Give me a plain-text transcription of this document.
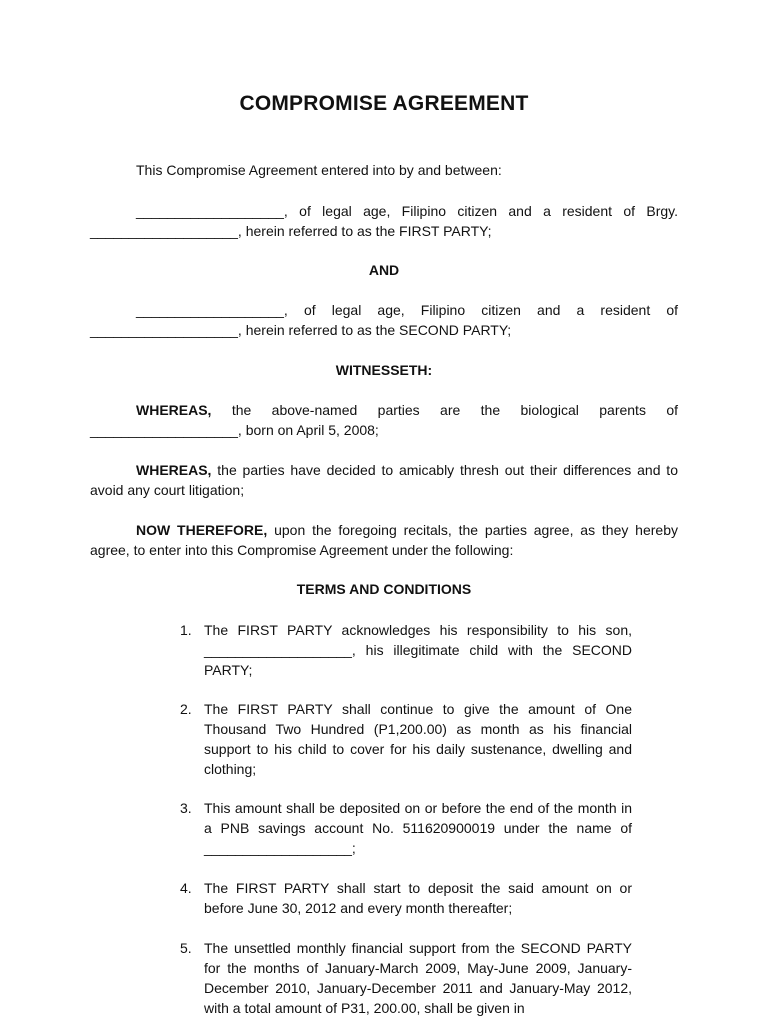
COMPROMISE AGREEMENT
This Compromise Agreement entered into by and between:
___________________, of legal age, Filipino citizen and a resident of Brgy. ___________________, herein referred to as the FIRST PARTY;
AND
___________________, of legal age, Filipino citizen and a resident of ___________________, herein referred to as the SECOND PARTY;
WITNESSETH:
WHEREAS, the above-named parties are the biological parents of ___________________, born on April 5, 2008;
WHEREAS, the parties have decided to amicably thresh out their differences and to avoid any court litigation;
NOW THEREFORE, upon the foregoing recitals, the parties agree, as they hereby agree, to enter into this Compromise Agreement under the following:
TERMS AND CONDITIONS
1. The FIRST PARTY acknowledges his responsibility to his son, ___________________, his illegitimate child with the SECOND PARTY;
2. The FIRST PARTY shall continue to give the amount of One Thousand Two Hundred (P1,200.00) as month as his financial support to his child to cover for his daily sustenance, dwelling and clothing;
3. This amount shall be deposited on or before the end of the month in a PNB savings account No. 511620900019 under the name of ___________________;
4. The FIRST PARTY shall start to deposit the said amount on or before June 30, 2012 and every month thereafter;
5. The unsettled monthly financial support from the SECOND PARTY for the months of January-March 2009, May-June 2009, January-December 2010, January-December 2011 and January-May 2012, with a total amount of P31, 200.00, shall be given in
